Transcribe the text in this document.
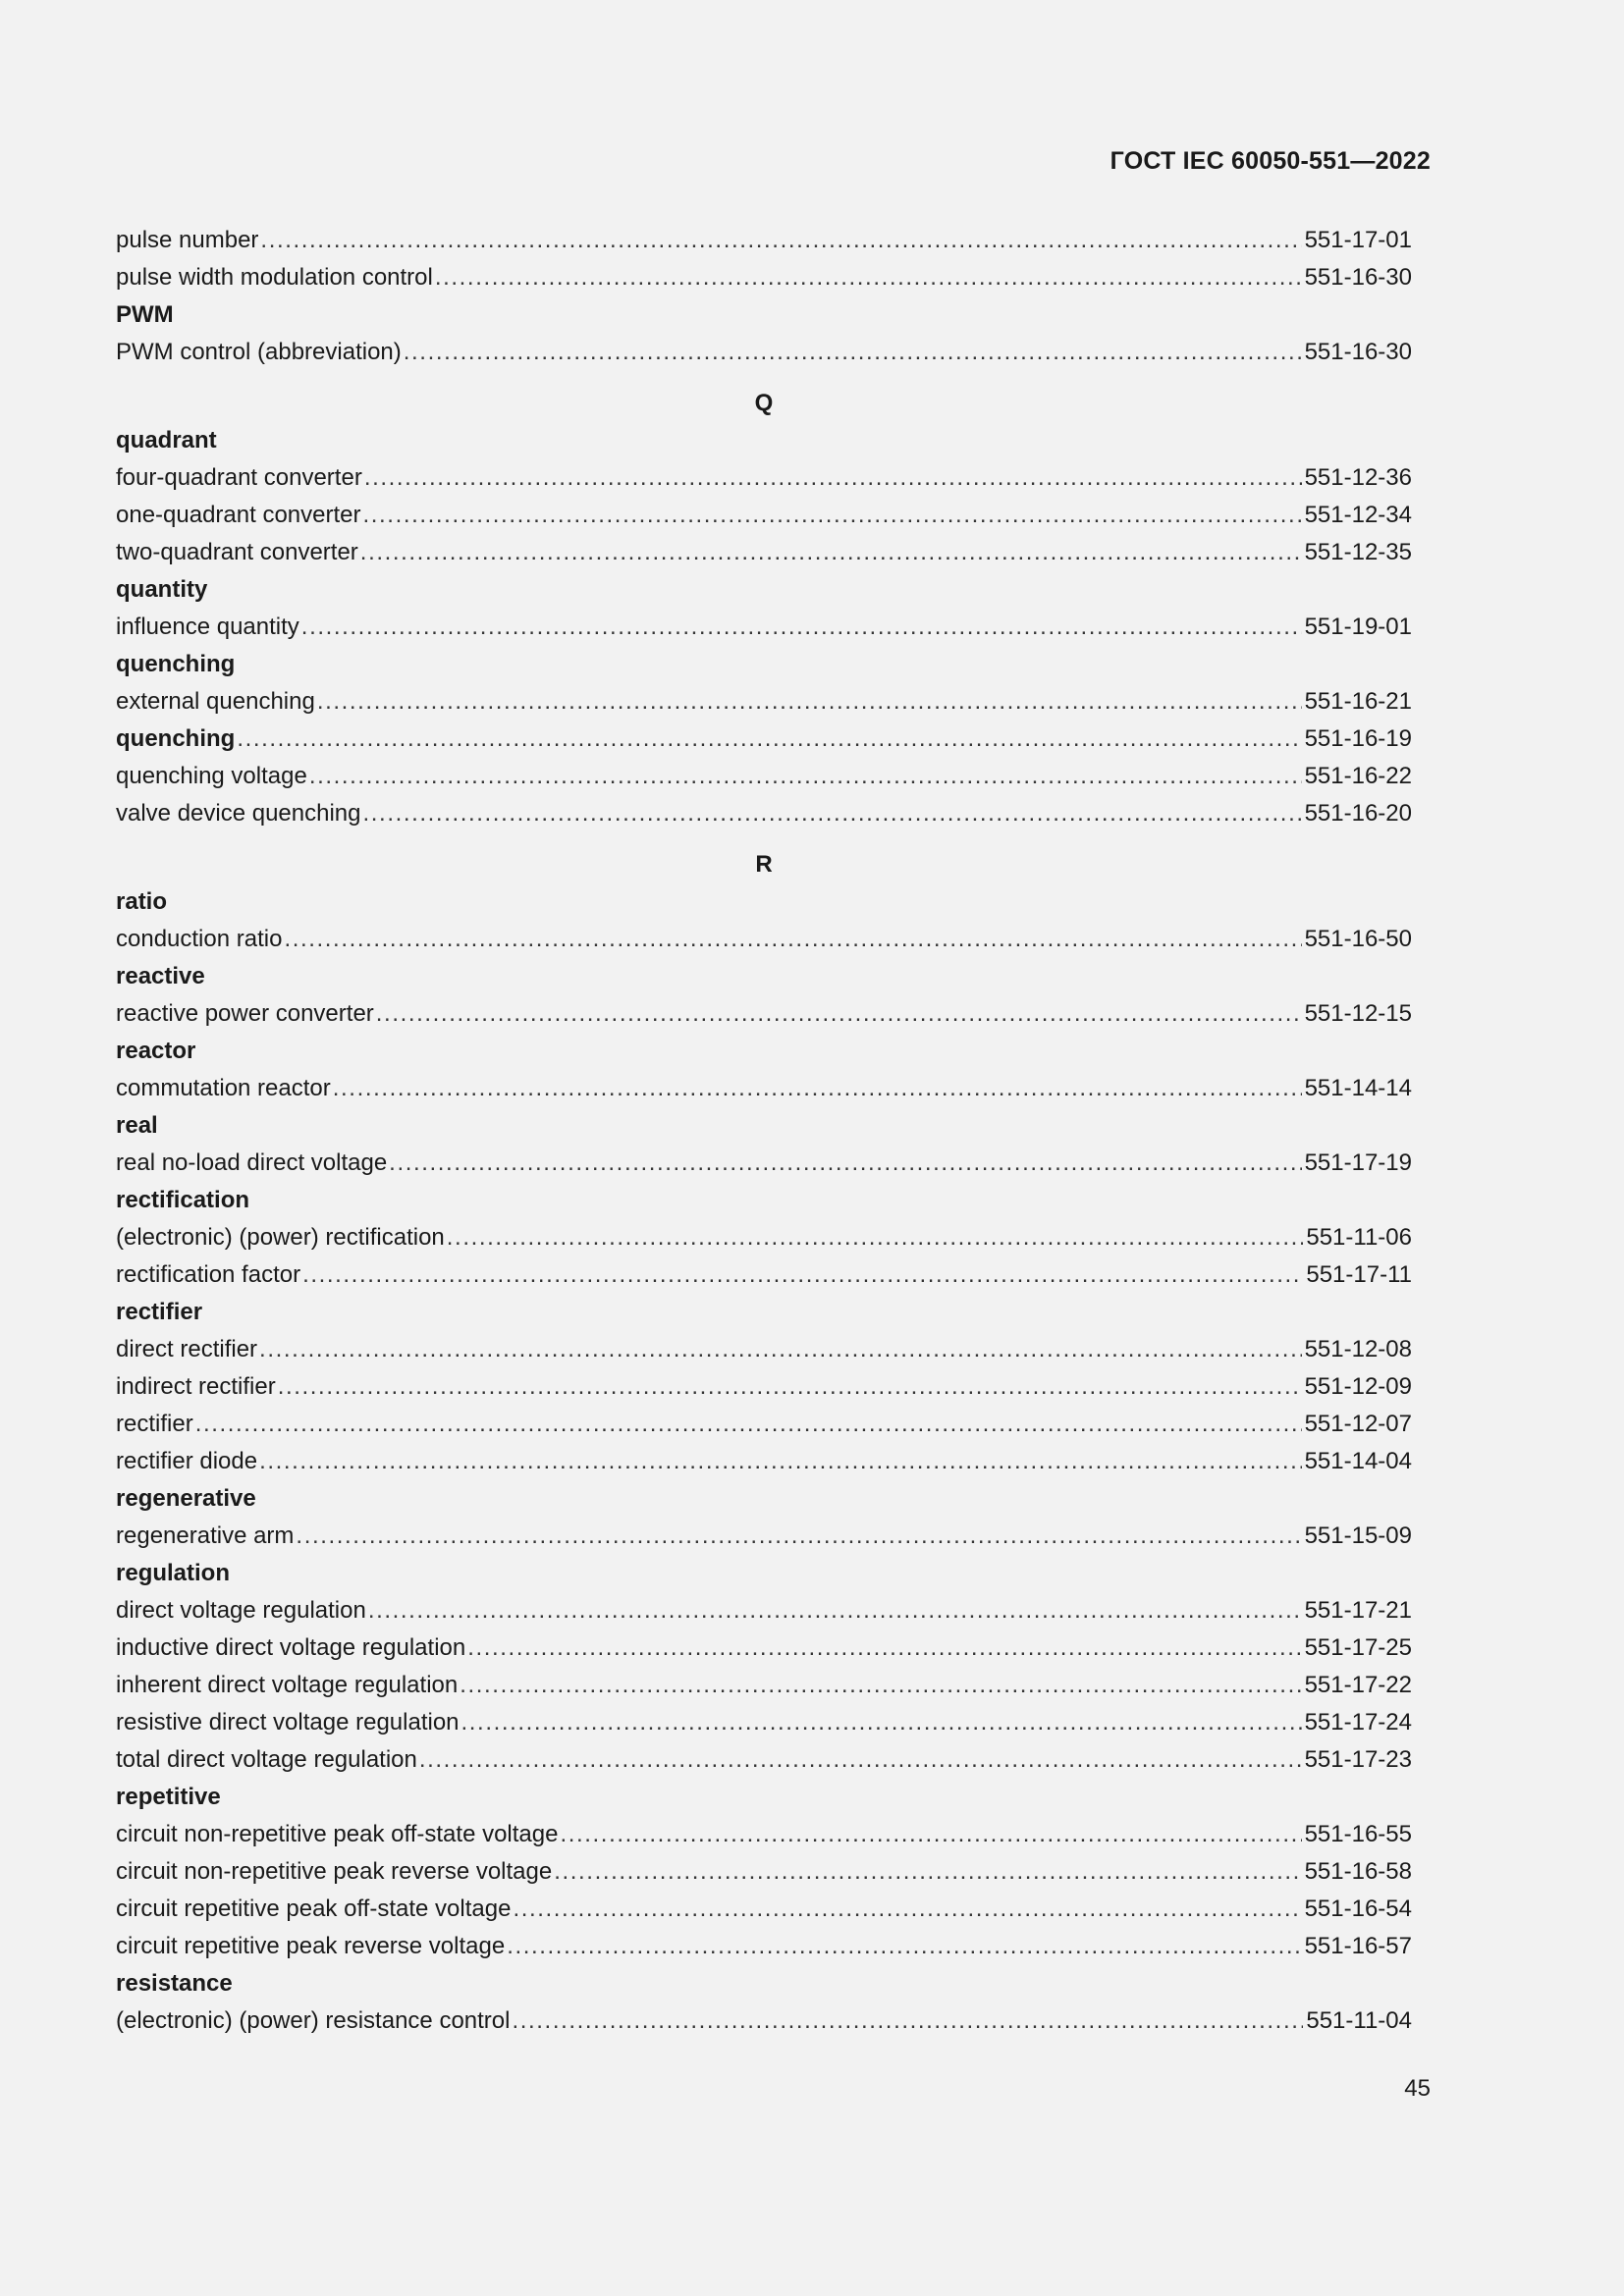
ГОСТ IEC 60050-551—2022
pulse number .....	551-17-01
pulse width modulation control .....	551-16-30
PWM
PWM control (abbreviation) .....	551-16-30
Q
quadrant
four-quadrant converter .....	551-12-36
one-quadrant converter .....	551-12-34
two-quadrant converter .....	551-12-35
quantity
influence quantity .....	551-19-01
quenching
external quenching .....	551-16-21
quenching .....	551-16-19
quenching voltage .....	551-16-22
valve device quenching .....	551-16-20
R
ratio
conduction ratio .....	551-16-50
reactive
reactive power converter .....	551-12-15
reactor
commutation reactor .....	551-14-14
real
real no-load direct voltage .....	551-17-19
rectification
(electronic) (power) rectification .....	551-11-06
rectification factor .....	551-17-11
rectifier
direct rectifier .....	551-12-08
indirect rectifier .....	551-12-09
rectifier .....	551-12-07
rectifier diode .....	551-14-04
regenerative
regenerative arm .....	551-15-09
regulation
direct voltage regulation .....	551-17-21
inductive direct voltage regulation .....	551-17-25
inherent direct voltage regulation .....	551-17-22
resistive direct voltage regulation .....	551-17-24
total direct voltage regulation .....	551-17-23
repetitive
circuit non-repetitive peak off-state voltage .....	551-16-55
circuit non-repetitive peak reverse voltage .....	551-16-58
circuit repetitive peak off-state voltage .....	551-16-54
circuit repetitive peak reverse voltage .....	551-16-57
resistance
(electronic) (power) resistance control .....	551-11-04
45
